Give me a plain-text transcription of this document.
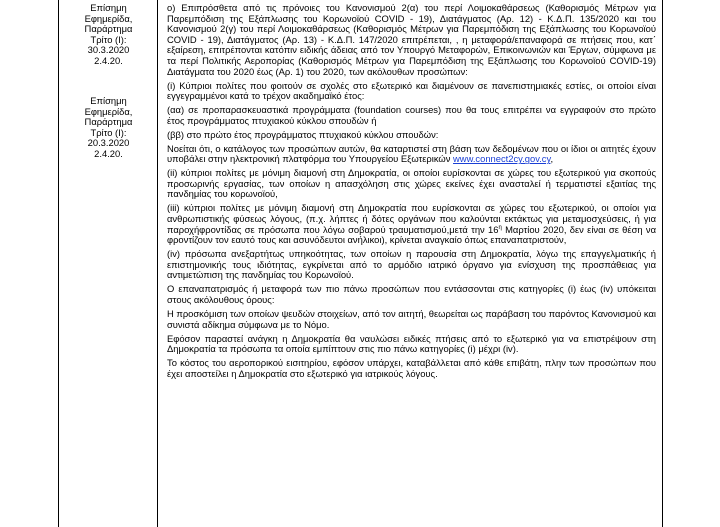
Επίσημη
Εφημερίδα,
Παράρτημα
Τρίτο (Ι):
30.3.2020
2.4.20.
Επίσημη
Εφημερίδα,
Παράρτημα
Τρίτο (Ι):
20.3.2020
2.4.20.

ο) Επιπρόσθετα από τις πρόνοιες του Κανονισμού 2(α) του περί Λοιμοκαθάρσεως (Καθορισμός Μέτρων για Παρεμπόδιση της Εξάπλωσης του Κορωνοϊού COVID - 19), Διατάγματος (Αρ. 12) - Κ.Δ.Π. 135/2020 και του Κανονισμού 2(γ) του περί Λοιμοκαθάρσεως (Καθορισμός Μέτρων για Παρεμπόδιση της Εξάπλωσης του Κορωνοϊού COVID - 19), Διατάγματος (Αρ. 13) - Κ.Δ.Π. 147/2020 επιτρέπεται, , η μεταφορά/επαναφορά σε πτήσεις που, κατ΄ εξαίρεση, επιτρέπονται κατόπιν ειδικής άδειας από τον Υπουργό Μεταφορών, Επικοινωνιών και Έργων, σύμφωνα με τα περί Πολιτικής Αεροπορίας (Καθορισμός Μέτρων για Παρεμπόδιση της Εξάπλωσης του Κορωνοϊού COVID-19) Διατάγματα του 2020 έως (Αρ. 1) του 2020, των ακόλουθων προσώπων:

(i) Κύπριοι πολίτες που φοιτούν σε σχολές στο εξωτερικό και διαμένουν σε πανεπιστημιακές εστίες, οι οποίοι είναι εγγεγραμμένοι κατά το τρέχον ακαδημαϊκό έτος:

(αα) σε προπαρασκευαστικά προγράμματα (foundation courses) που θα τους επιτρέπει να εγγραφούν στο πρώτο έτος προγράμματος πτυχιακού κύκλου σπουδών ή

(ββ) στο πρώτο έτος προγράμματος πτυχιακού κύκλου σπουδών:

Νοείται ότι, ο κατάλογος των προσώπων αυτών, θα καταρτιστεί στη βάση των δεδομένων που οι ίδιοι οι αιτητές έχουν υποβάλει στην ηλεκτρονική πλατφόρμα του Υπουργείου Εξωτερικών www.connect2cy.gov.cy,

(ii) κύπριοι πολίτες με μόνιμη διαμονή στη Δημοκρατία, οι οποίοι ευρίσκονται σε χώρες του εξωτερικού για σκοπούς προσωρινής εργασίας, των οποίων η απασχόληση στις χώρες εκείνες έχει ανασταλεί ή τερματιστεί εξαιτίας της πανδημίας του κορωνοϊού,

(iii) κύπριοι πολίτες με μόνιμη διαμονή στη Δημοκρατία που ευρίσκονται σε χώρες του εξωτερικού, οι οποίοι για ανθρωπιστικής φύσεως λόγους, (π.χ. λήπτες ή δότες οργάνων που καλούνται εκτάκτως για μεταμοσχεύσεις, ή για παροχήφροντίδας σε πρόσωπα που λόγω σοβαρού τραυματισμού,μετά την $16^\eta$ Μαρτίου 2020, δεν είναι σε θέση να φροντίζουν τον εαυτό τους και ασυνόδευτοι ανήλικοι), κρίνεται αναγκαίο όπως επαναπατριστούν,

(iv) πρόσωπα ανεξαρτήτως υπηκοότητας, των οποίων η παρουσία στη Δημοκρατία, λόγω της επαγγελματικής ή επιστημονικής τους ιδιότητας, εγκρίνεται από το αρμόδιο ιατρικό όργανο για ενίσχυση της προσπάθειας για αντιμετώπιση της πανδημίας του Κορωνοϊού.

Ο επαναπατρισμός ή μεταφορά των πιο πάνω προσώπων που εντάσσονται στις κατηγορίες (i) έως (iv) υπόκειται στους ακόλουθους όρους:

Η προσκόμιση των οποίων ψευδών στοιχείων, από τον αιτητή, θεωρείται ως παράβαση του παρόντος Κανονισμού και συνιστά αδίκημα σύμφωνα με το Νόμο.

Εφόσον παραστεί ανάγκη η Δημοκρατία θα ναυλώσει ειδικές πτήσεις από το εξωτερικό για να επιστρέψουν στη Δημοκρατία τα πρόσωπα τα οποία εμπίπτουν στις πιο πάνω κατηγορίες (i) μέχρι (iv).

Το κόστος του αεροπορικού εισιτηρίου, εφόσον υπάρχει, καταβάλλεται από κάθε επιβάτη, πλην των προσώπων που έχει αποστείλει η Δημοκρατία στο εξωτερικό για ιατρικούς λόγους.
